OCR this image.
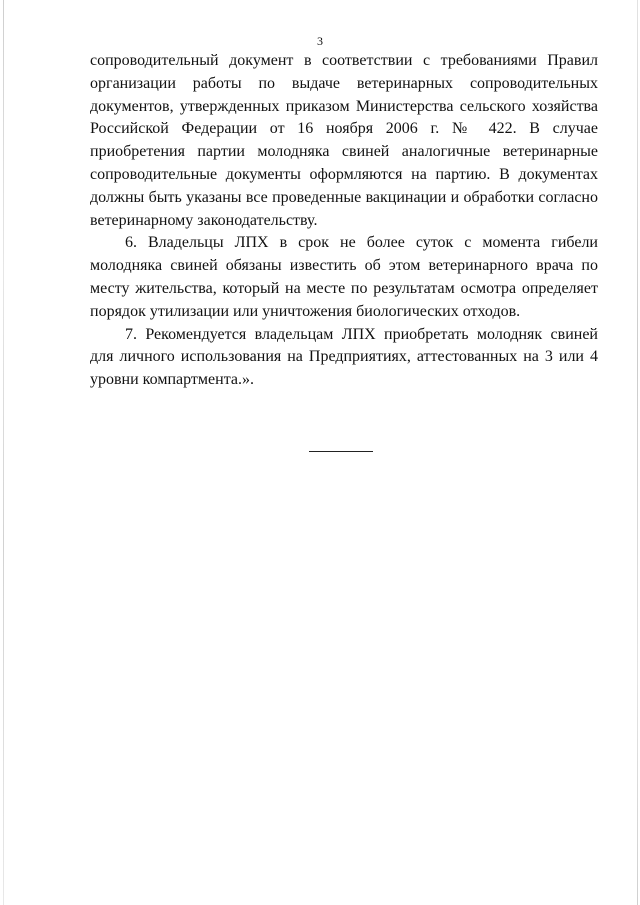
3

сопроводительный документ в соответствии с требованиями Правил организации работы по выдаче ветеринарных сопроводительных документов, утвержденных приказом Министерства сельского хозяйства Российской Федерации от 16 ноября 2006 г. № 422. В случае приобретения партии молодняка свиней аналогичные ветеринарные сопроводительные документы оформляются на партию. В документах должны быть указаны все проведенные вакцинации и обработки согласно ветеринарному законодательству.

6. Владельцы ЛПХ в срок не более суток с момента гибели молодняка свиней обязаны известить об этом ветеринарного врача по месту жительства, который на месте по результатам осмотра определяет порядок утилизации или уничтожения биологических отходов.

7. Рекомендуется владельцам ЛПХ приобретать молодняк свиней для личного использования на Предприятиях, аттестованных на 3 или 4 уровни компартмента.».
